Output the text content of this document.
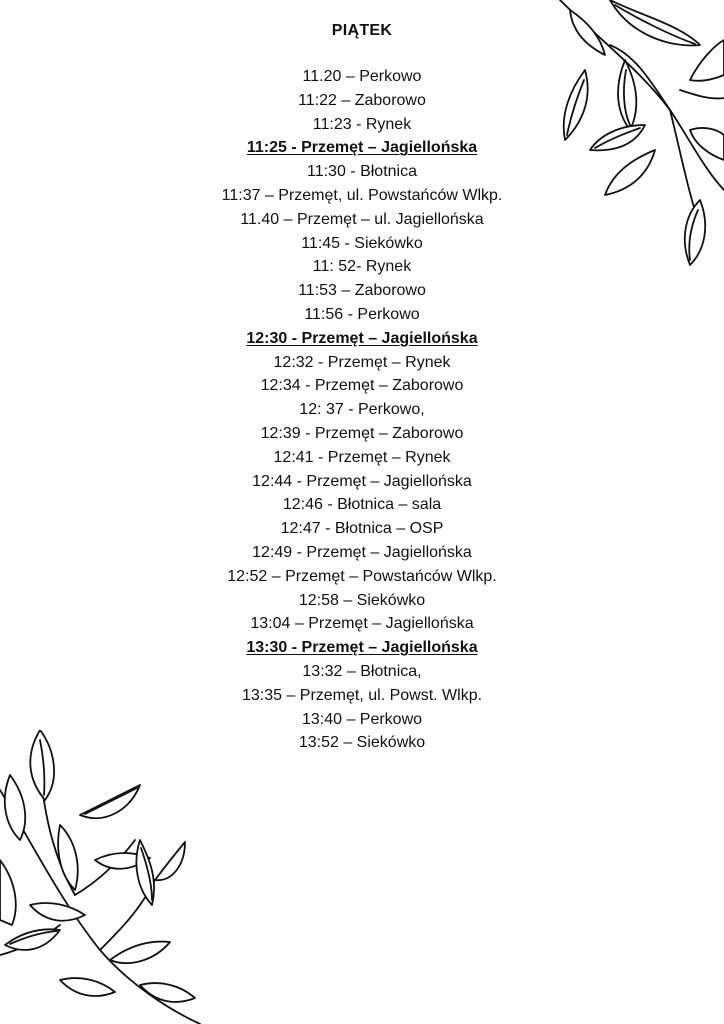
PIĄTEK
11.20 – Perkowo
11:22 – Zaborowo
11:23 - Rynek
11:25 - Przemęt – Jagiellońska
11:30 - Błotnica
11:37 – Przemęt, ul. Powstańców Wlkp.
11.40 – Przemęt – ul. Jagiellońska
11:45 - Siekówko
11: 52- Rynek
11:53 – Zaborowo
11:56 - Perkowo
12:30 - Przemęt – Jagiellońska
12:32 - Przemęt – Rynek
12:34 - Przemęt – Zaborowo
12: 37 - Perkowo,
12:39 - Przemęt – Zaborowo
12:41 - Przemęt – Rynek
12:44 - Przemęt – Jagiellońska
12:46 - Błotnica – sala
12:47 - Błotnica – OSP
12:49 - Przemęt – Jagiellońska
12:52 – Przemęt – Powstańców Wlkp.
12:58 – Siekówko
13:04 – Przemęt – Jagiellońska
13:30 - Przemęt – Jagiellońska
13:32 – Błotnica,
13:35 – Przemęt, ul. Powst. Wlkp.
13:40 – Perkowo
13:52 – Siekówko
